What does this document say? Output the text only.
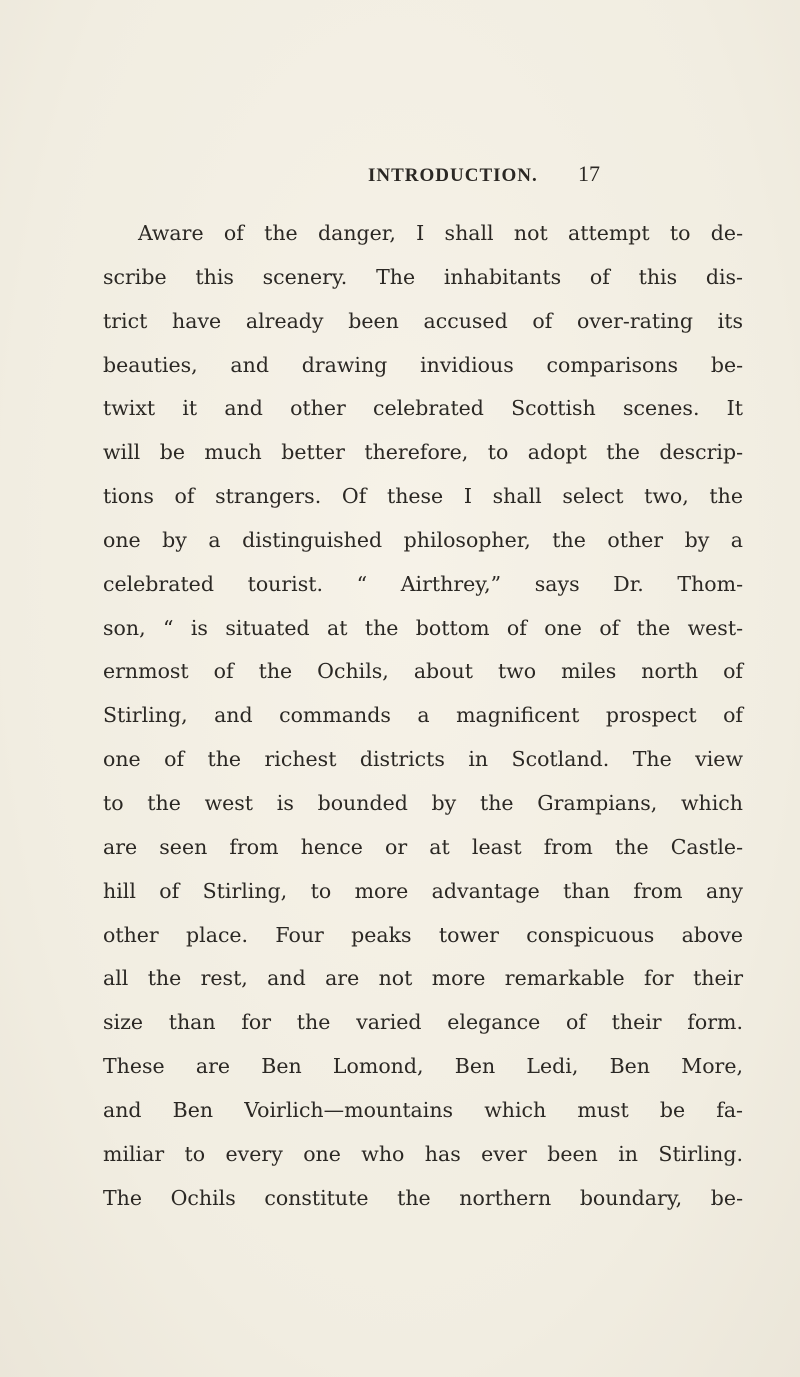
INTRODUCTION. 17
Aware of the danger, I shall not attempt to de-
scribe this scenery. The inhabitants of this dis-
trict have already been accused of over-rating its
beauties, and drawing invidious comparisons be-
twixt it and other celebrated Scottish scenes. It
will be much better therefore, to adopt the descrip-
tions of strangers. Of these I shall select two, the
one by a distinguished philosopher, the other by a
celebrated tourist. “ Airthrey,” says Dr. Thom-
son, “ is situated at the bottom of one of the west-
ernmost of the Ochils, about two miles north of
Stirling, and commands a magnificent prospect of
one of the richest districts in Scotland. The view
to the west is bounded by the Grampians, which
are seen from hence or at least from the Castle-
hill of Stirling, to more advantage than from any
other place. Four peaks tower conspicuous above
all the rest, and are not more remarkable for their
size than for the varied elegance of their form.
These are Ben Lomond, Ben Ledi, Ben More,
and Ben Voirlich—mountains which must be fa-
miliar to every one who has ever been in Stirling.
The Ochils constitute the northern boundary, be-
